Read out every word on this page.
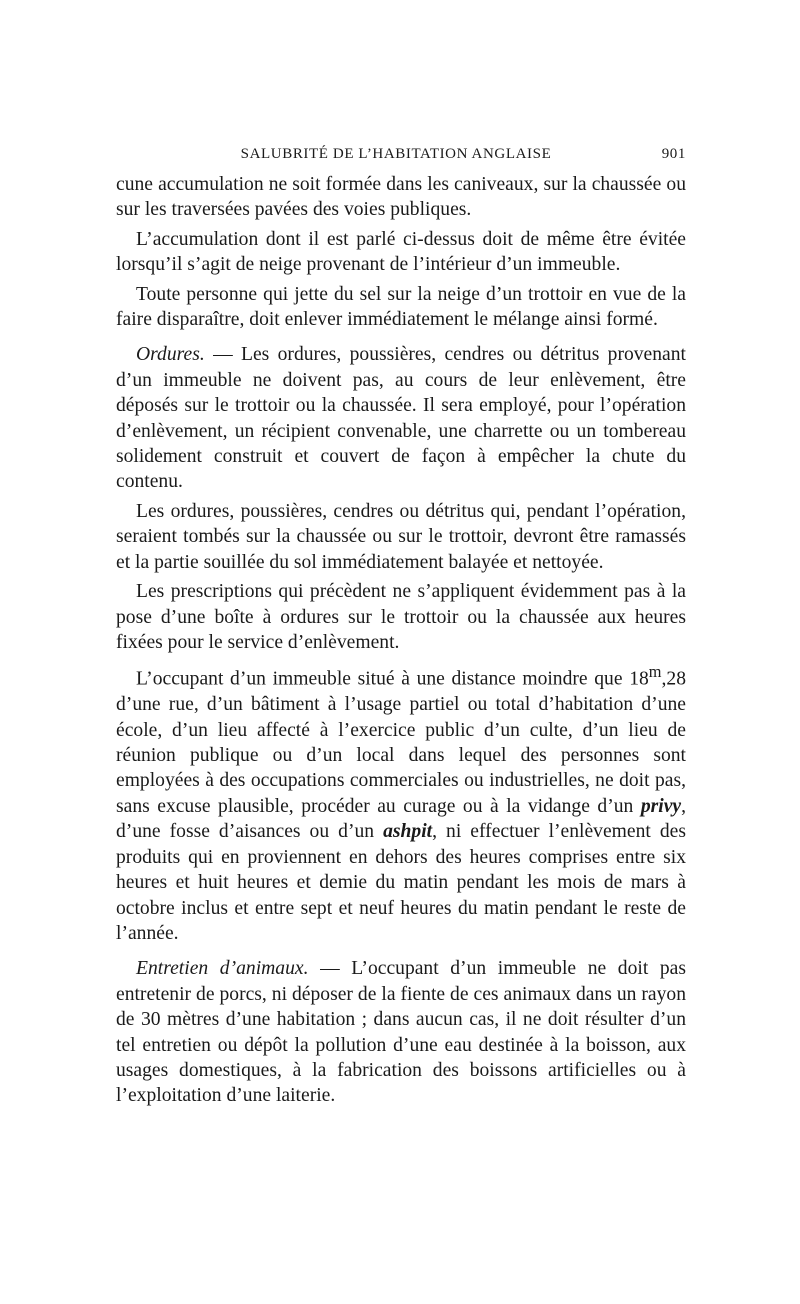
SALUBRITÉ DE L’HABITATION ANGLAISE	901

cune accumulation ne soit formée dans les caniveaux, sur la chaussée ou sur les traversées pavées des voies publiques.

L’accumulation dont il est parlé ci-dessus doit de même être évitée lorsqu’il s’agit de neige provenant de l’intérieur d’un immeuble.

Toute personne qui jette du sel sur la neige d’un trottoir en vue de la faire disparaître, doit enlever immédiatement le mélange ainsi formé.

Ordures. — Les ordures, poussières, cendres ou détritus provenant d’un immeuble ne doivent pas, au cours de leur enlèvement, être déposés sur le trottoir ou la chaussée. Il sera employé, pour l’opération d’enlèvement, un récipient convenable, une charrette ou un tombereau solidement construit et couvert de façon à empêcher la chute du contenu.

Les ordures, poussières, cendres ou détritus qui, pendant l’opération, seraient tombés sur la chaussée ou sur le trottoir, devront être ramassés et la partie souillée du sol immédiatement balayée et nettoyée.

Les prescriptions qui précèdent ne s’appliquent évidemment pas à la pose d’une boîte à ordures sur le trottoir ou la chaussée aux heures fixées pour le service d’enlèvement.

L’occupant d’un immeuble situé à une distance moindre que 18$^m$,28 d’une rue, d’un bâtiment à l’usage partiel ou total d’habitation d’une école, d’un lieu affecté à l’exercice public d’un culte, d’un lieu de réunion publique ou d’un local dans lequel des personnes sont employées à des occupations commerciales ou industrielles, ne doit pas, sans excuse plausible, procéder au curage ou à la vidange d’un privy, d’une fosse d’aisances ou d’un ashpit, ni effectuer l’enlèvement des produits qui en proviennent en dehors des heures comprises entre six heures et huit heures et demie du matin pendant les mois de mars à octobre inclus et entre sept et neuf heures du matin pendant le reste de l’année.

Entretien d’animaux. — L’occupant d’un immeuble ne doit pas entretenir de porcs, ni déposer de la fiente de ces animaux dans un rayon de 30 mètres d’une habitation ; dans aucun cas, il ne doit résulter d’un tel entretien ou dépôt la pollution d’une eau destinée à la boisson, aux usages domestiques, à la fabrication des boissons artificielles ou à l’exploitation d’une laiterie.
